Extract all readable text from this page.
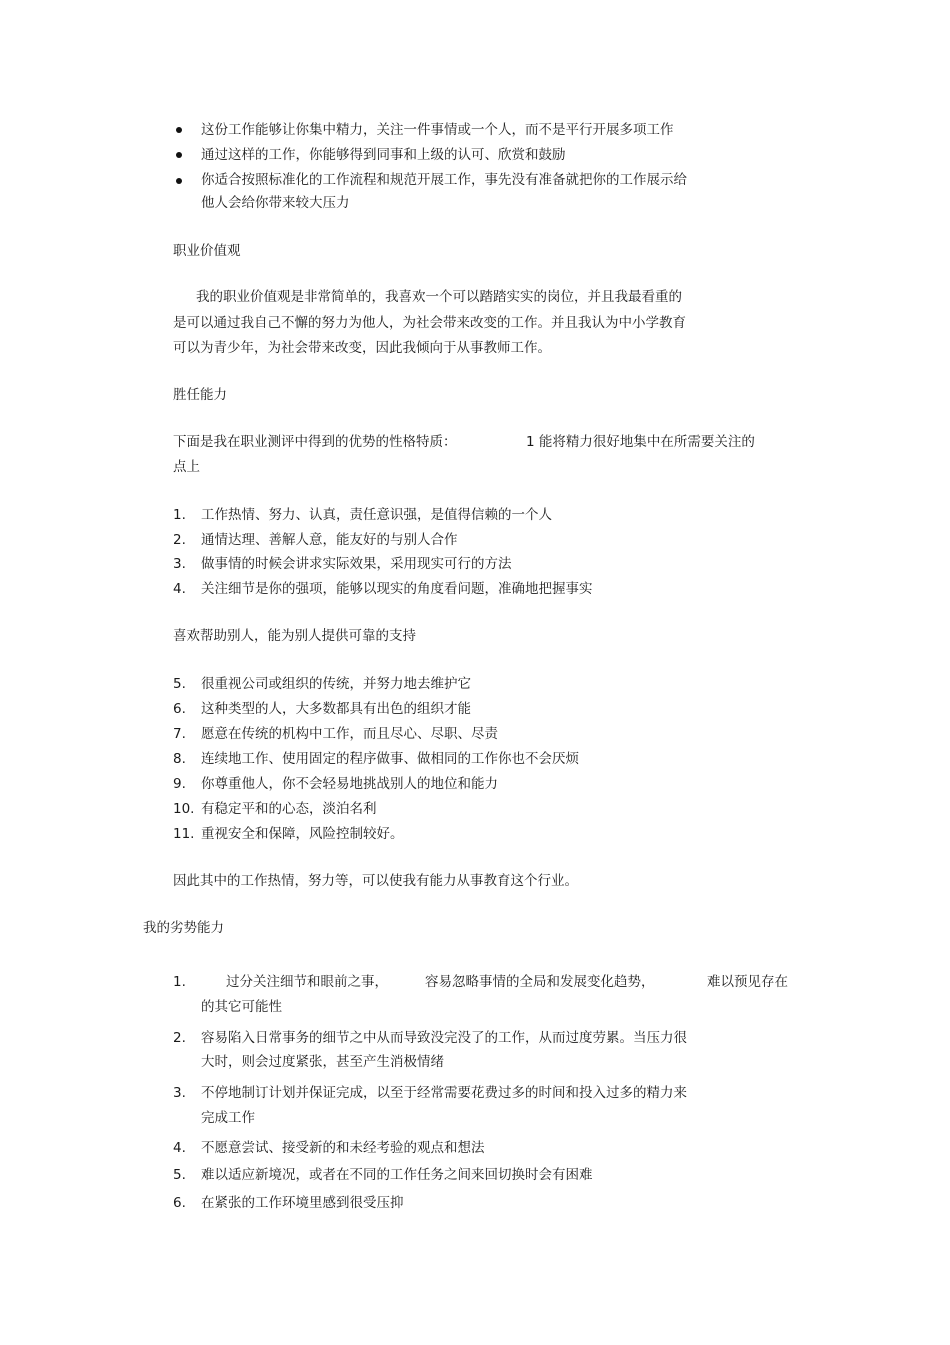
这份工作能够让你集中精力，关注一件事情或一个人，而不是平行开展多项工作
通过这样的工作，你能够得到同事和上级的认可、欣赏和鼓励
你适合按照标准化的工作流程和规范开展工作，事先没有准备就把你的工作展示给
他人会给你带来较大压力
职业价值观
我的职业价值观是非常简单的，我喜欢一个可以踏踏实实的岗位，并且我最看重的
是可以通过我自己不懈的努力为他人，为社会带来改变的工作。并且我认为中小学教育
可以为青少年，为社会带来改变，因此我倾向于从事教师工作。
胜任能力
下面是我在职业测评中得到的优势的性格特质：	1 能将精力很好地集中在所需要关注的
点上
1. 工作热情、努力、认真，责任意识强，是值得信赖的一个人
2. 通情达理、善解人意，能友好的与别人合作
3. 做事情的时候会讲求实际效果，采用现实可行的方法
4. 关注细节是你的强项，能够以现实的角度看问题，准确地把握事实
喜欢帮助别人，能为别人提供可靠的支持
5. 很重视公司或组织的传统，并努力地去维护它
6. 这种类型的人，大多数都具有出色的组织才能
7. 愿意在传统的机构中工作，而且尽心、尽职、尽责
8. 连续地工作、使用固定的程序做事、做相同的工作你也不会厌烦
9. 你尊重他人，你不会轻易地挑战别人的地位和能力
10. 有稳定平和的心态，淡泊名利
11. 重视安全和保障，风险控制较好。
因此其中的工作热情，努力等，可以使我有能力从事教育这个行业。
我的劣势能力
1.	过分关注细节和眼前之事，	容易忽略事情的全局和发展变化趋势，	难以预见存在
的其它可能性
2. 容易陷入日常事务的细节之中从而导致没完没了的工作，从而过度劳累。当压力很
大时，则会过度紧张，甚至产生消极情绪
3. 不停地制订计划并保证完成，以至于经常需要花费过多的时间和投入过多的精力来
完成工作
4. 不愿意尝试、接受新的和未经考验的观点和想法
5. 难以适应新境况，或者在不同的工作任务之间来回切换时会有困难
6. 在紧张的工作环境里感到很受压抑
